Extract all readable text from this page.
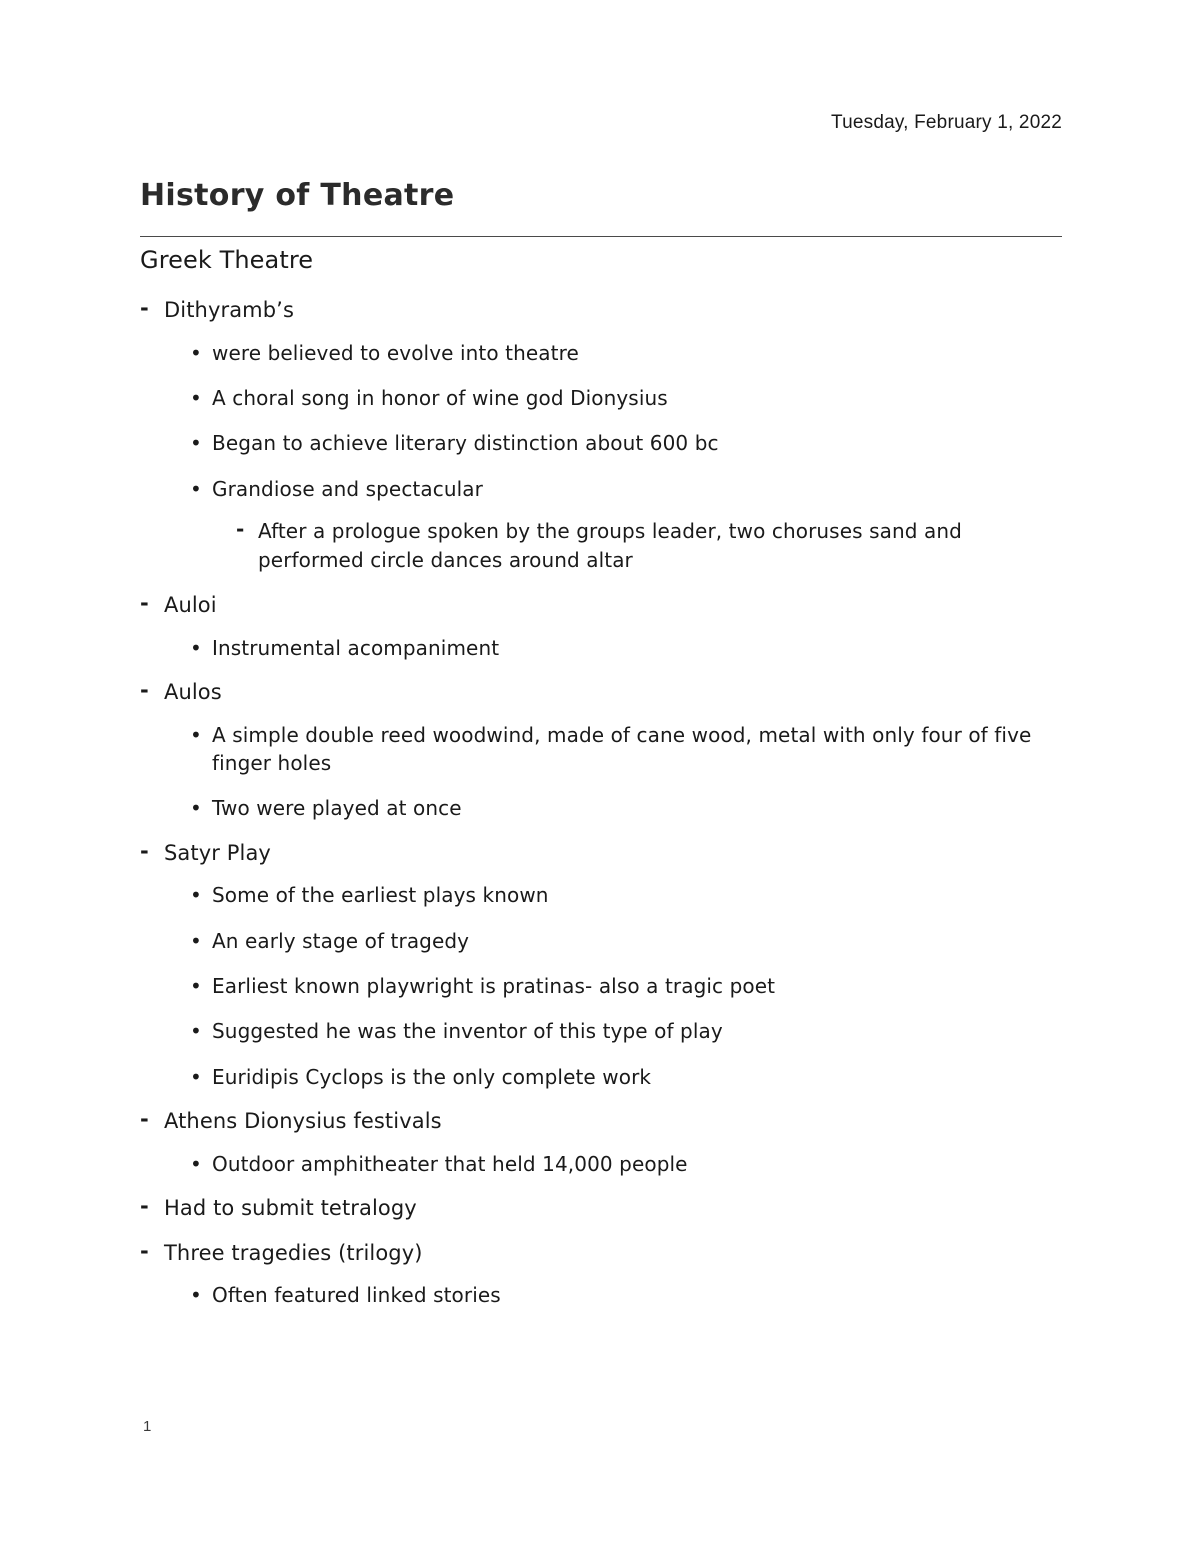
Tuesday, February 1, 2022
History of Theatre
Greek Theatre
- Dithyramb’s
• were believed to evolve into theatre
• A choral song in honor of wine god Dionysius
• Began to achieve literary distinction about 600 bc
• Grandiose and spectacular
- After a prologue spoken by the groups leader, two choruses sand and performed circle dances around altar
- Auloi
• Instrumental acompaniment
- Aulos
• A simple double reed woodwind, made of cane wood, metal with only four of five finger holes
• Two were played at once
- Satyr Play
• Some of the earliest plays known
• An early stage of tragedy
• Earliest known playwright is pratinas- also a tragic poet
• Suggested he was the inventor of this type of play
• Euridipis Cyclops is the only complete work
- Athens Dionysius festivals
• Outdoor amphitheater that held 14,000 people
- Had to submit tetralogy
- Three tragedies (trilogy)
• Often featured linked stories
1
